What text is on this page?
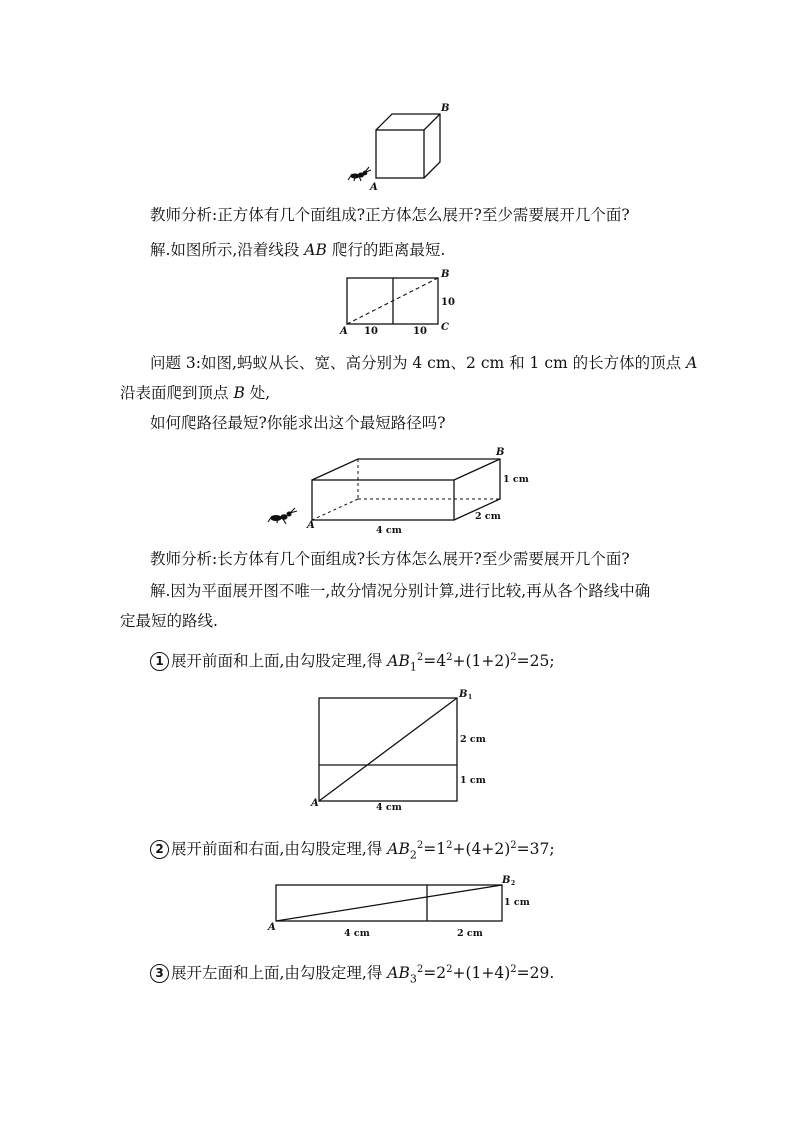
A
B
教师分析:正方体有几个面组成?正方体怎么展开?至少需要展开几个面?
解.如图所示,沿着线段 AB 爬行的距离最短.
A
B
C
10	10
10
问题 3:如图,蚂蚁从长、宽、高分别为 4 cm、2 cm 和 1 cm 的长方体的顶点 A
沿表面爬到顶点 B 处,
如何爬路径最短?你能求出这个最短路径吗?
A
B
1 cm
2 cm
4 cm
教师分析:长方体有几个面组成?长方体怎么展开?至少需要展开几个面?
解.因为平面展开图不唯一,故分情况分别计算,进行比较,再从各个路线中确
定最短的路线.
1 展开前面和上面,由勾股定理,得 $AB_1^2=4^2+(1+2)^2=25$;
A
B 1
2 cm
1 cm
4 cm
2 展开前面和右面,由勾股定理,得 $AB_2^2=1^2+(4+2)^2=37$;
A
B 2
1 cm
4 cm	2 cm
3 展开左面和上面,由勾股定理,得 $AB_3^2=2^2+(1+4)^2=29$.
